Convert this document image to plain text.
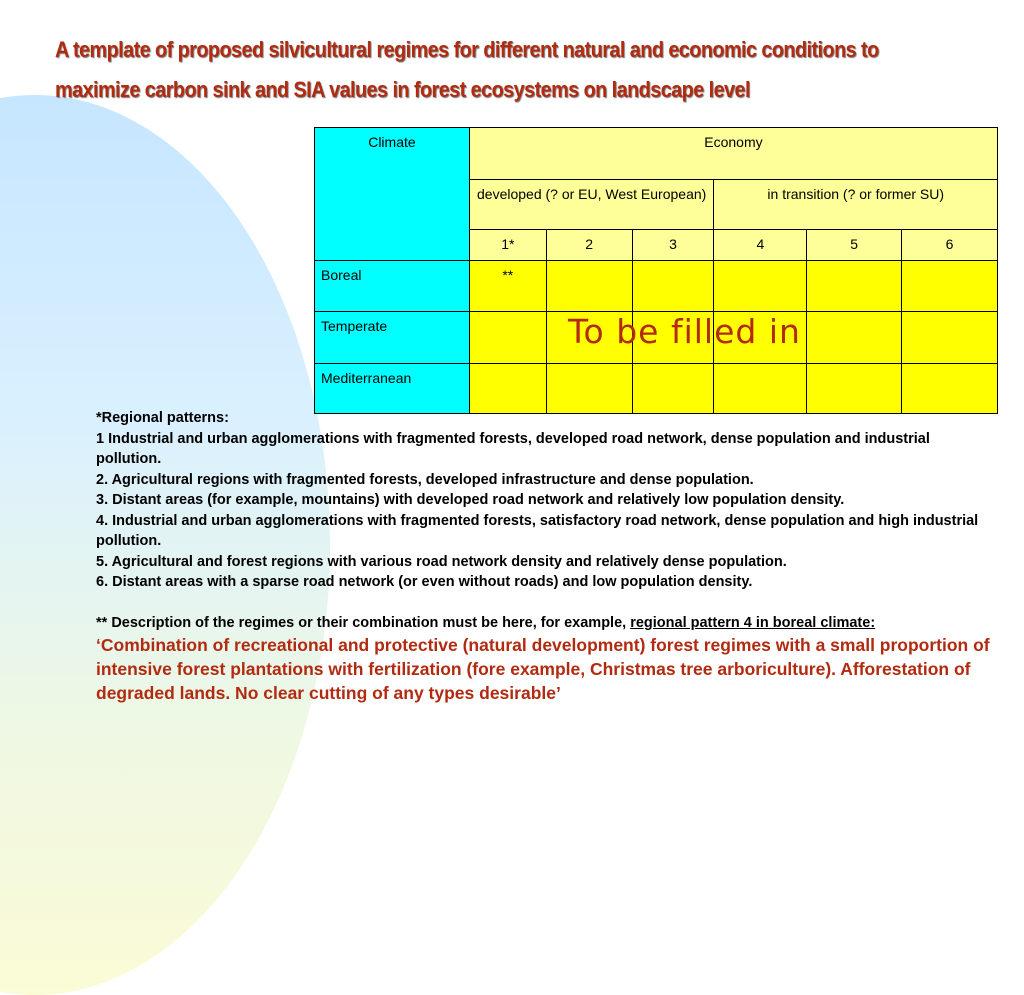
A template of proposed silvicultural regimes for different natural and economic conditions to maximize carbon sink and SIA values in forest ecosystems on landscape level
Climate	Economy					
	developed (? or EU, West European)			in transition (? or former SU)		
	1*	2	3	4	5	6
Boreal	**					
Temperate						
Mediterranean						
To be filled in

*Regional patterns:

1 Industrial and urban agglomerations with fragmented forests, developed road network, dense population and industrial pollution.

2. Agricultural regions with fragmented forests, developed infrastructure and dense population.

3. Distant areas (for example, mountains) with developed road network and relatively low population density.

4. Industrial and urban agglomerations with fragmented forests, satisfactory road network, dense population and high industrial pollution.

5. Agricultural and forest regions with various road network density and relatively dense population.

6. Distant areas with a sparse road network (or even without roads) and low population density.

** Description of the regimes or their combination must be here, for example, regional pattern 4 in boreal climate:

‘Combination of recreational and protective (natural development) forest regimes with a small proportion of intensive forest plantations with fertilization (fore example, Christmas tree arboriculture). Afforestation of degraded lands. No clear cutting of any types desirable’
